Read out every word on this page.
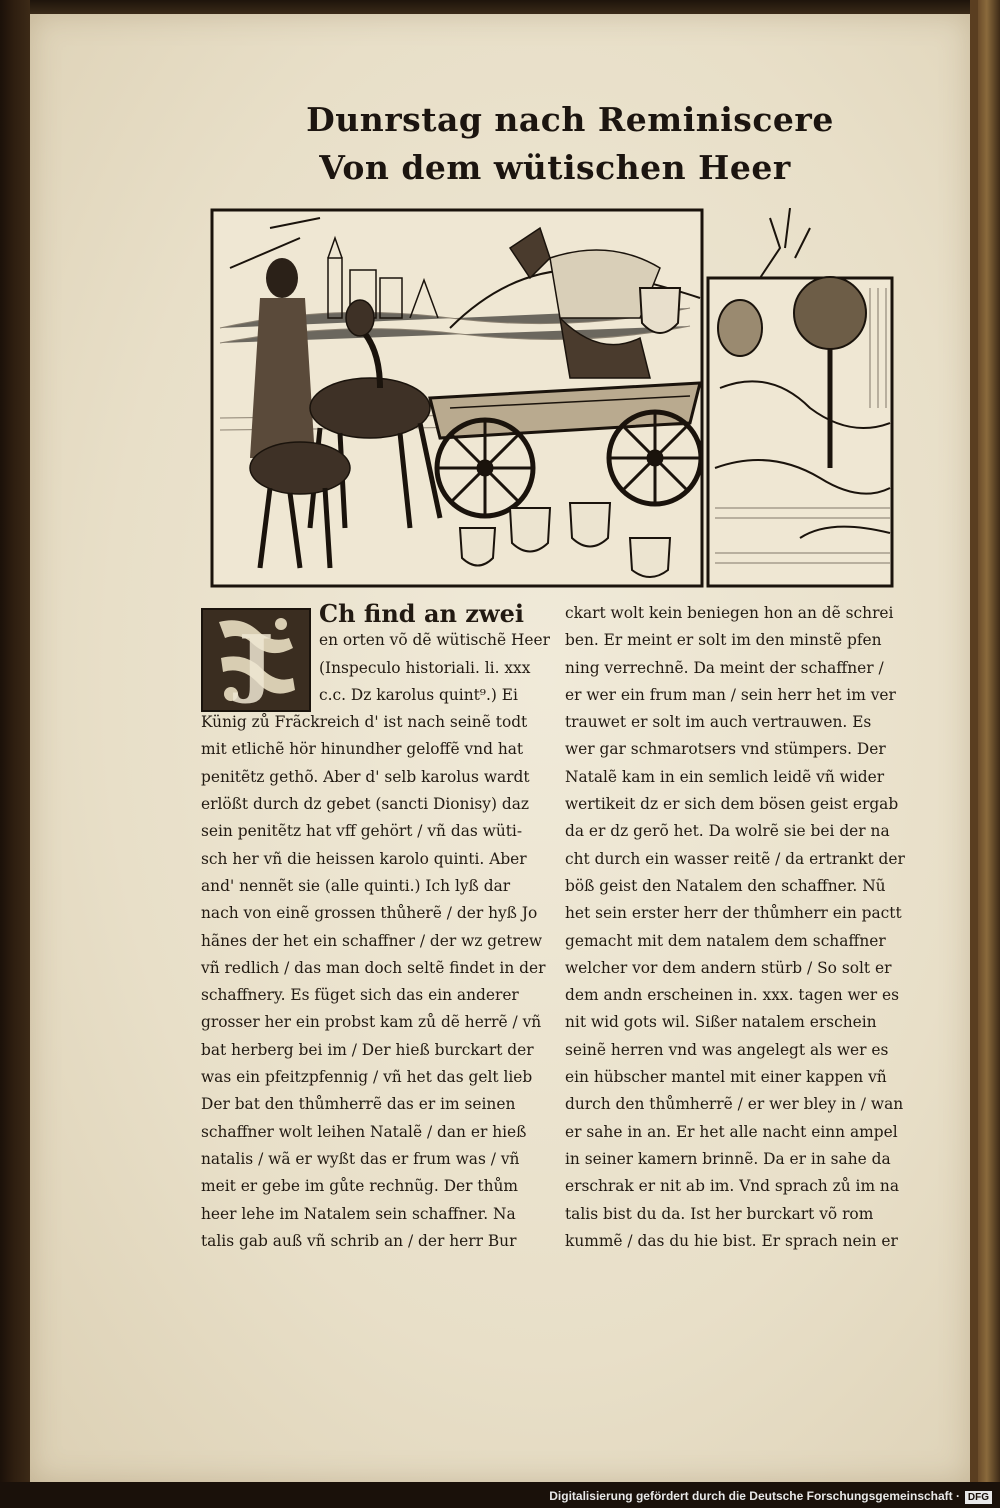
Dunrstag nach Reminiscere
Von dem wütischen Heer
J
Ch find an zwei
en orten võ dẽ wütischẽ Heer
(Inspeculo historiali. li. xxx
c.c. Dz karolus quint⁹.) Ei
Künig zů Frãckreich d' ist nach seinẽ todt
mit etlichẽ hör hinundher geloffẽ vnd hat
penitẽtz gethõ. Aber d' selb karolus wardt
erlößt durch dz gebet (sancti Dionisy) daz
sein penitẽtz hat vff gehört / vñ das wüti-
sch her vñ die heissen karolo quinti. Aber
and' nennẽt sie (alle quinti.) Ich lyß dar
nach von einẽ grossen thůherẽ / der hyß Jo
hãnes der het ein schaffner / der wz getrew
vñ redlich / das man doch seltẽ findet in der
schaffnery. Es füget sich das ein anderer
grosser her ein probst kam zů dẽ herrẽ / vñ
bat herberg bei im / Der hieß burckart der
was ein pfeitzpfennig / vñ het das gelt lieb
Der bat den thůmherrẽ das er im seinen
schaffner wolt leihen Natalẽ / dan er hieß
natalis / wã er wyßt das er frum was / vñ
meit er gebe im gůte rechnũg. Der thům
heer lehe im Natalem sein schaffner. Na
talis gab auß vñ schrib an / der herr Bur
ckart wolt kein beniegen hon an dẽ schrei
ben. Er meint er solt im den minstẽ pfen
ning verrechnẽ. Da meint der schaffner /
er wer ein frum man / sein herr het im ver
trauwet er solt im auch vertrauwen. Es
wer gar schmarotsers vnd stümpers. Der
Natalẽ kam in ein semlich leidẽ vñ wider
wertikeit dz er sich dem bösen geist ergab
da er dz gerõ het. Da wolrẽ sie bei der na
cht durch ein wasser reitẽ / da ertrankt der
böß geist den Natalem den schaffner. Nũ
het sein erster herr der thůmherr ein pactt
gemacht mit dem natalem dem schaffner
welcher vor dem andern stürb / So solt er
dem andn erscheinen in. xxx. tagen wer es
nit wid gots wil. Sißer natalem erschein
seinẽ herren vnd was angelegt als wer es
ein hübscher mantel mit einer kappen vñ
durch den thůmherrẽ / er wer bley in / wan
er sahe in an. Er het alle nacht einn ampel
in seiner kamern brinnẽ. Da er in sahe da
erschrak er nit ab im. Vnd sprach zů im na
talis bist du da. Ist her burckart võ rom
kummẽ / das du hie bist. Er sprach nein er
Digitalisierung gefördert durch die Deutsche Forschungsgemeinschaft · DFG
